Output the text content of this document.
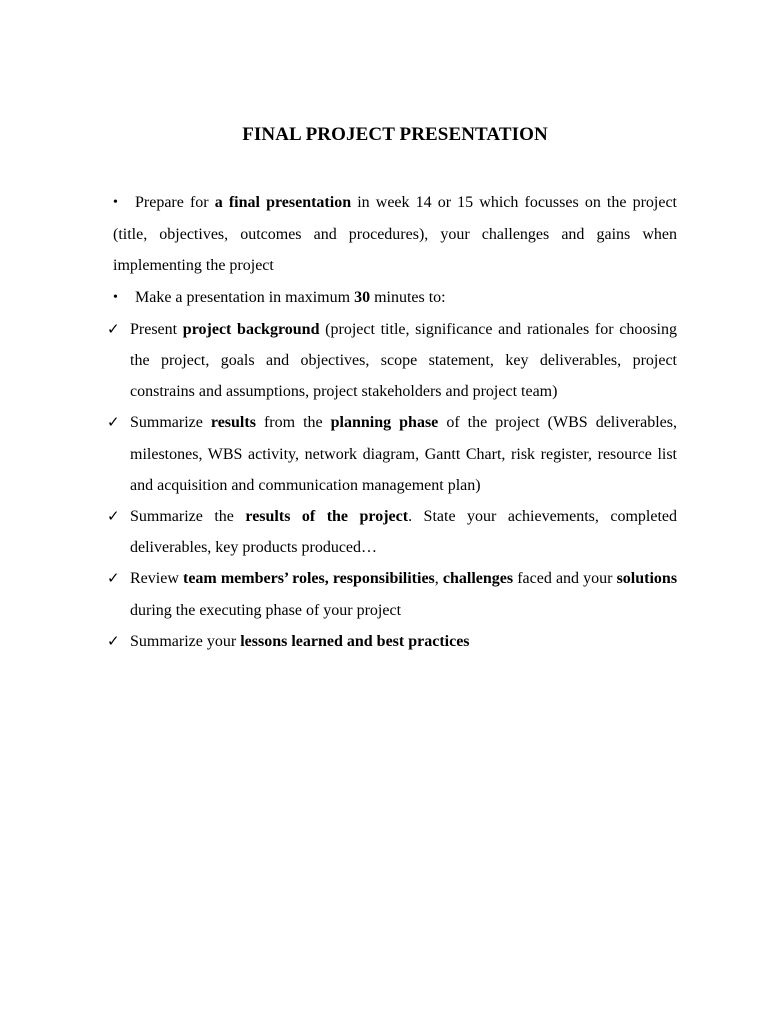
FINAL PROJECT PRESENTATION
• Prepare for a final presentation in week 14 or 15 which focusses on the project (title, objectives, outcomes and procedures), your challenges and gains when implementing the project
• Make a presentation in maximum 30 minutes to:
✓ Present project background (project title, significance and rationales for choosing the project, goals and objectives, scope statement, key deliverables, project constrains and assumptions, project stakeholders and project team)
✓ Summarize results from the planning phase of the project (WBS deliverables, milestones, WBS activity, network diagram, Gantt Chart, risk register, resource list and acquisition and communication management plan)
✓ Summarize the results of the project. State your achievements, completed deliverables, key products produced…
✓ Review team members’ roles, responsibilities, challenges faced and your solutions during the executing phase of your project
✓ Summarize your lessons learned and best practices
